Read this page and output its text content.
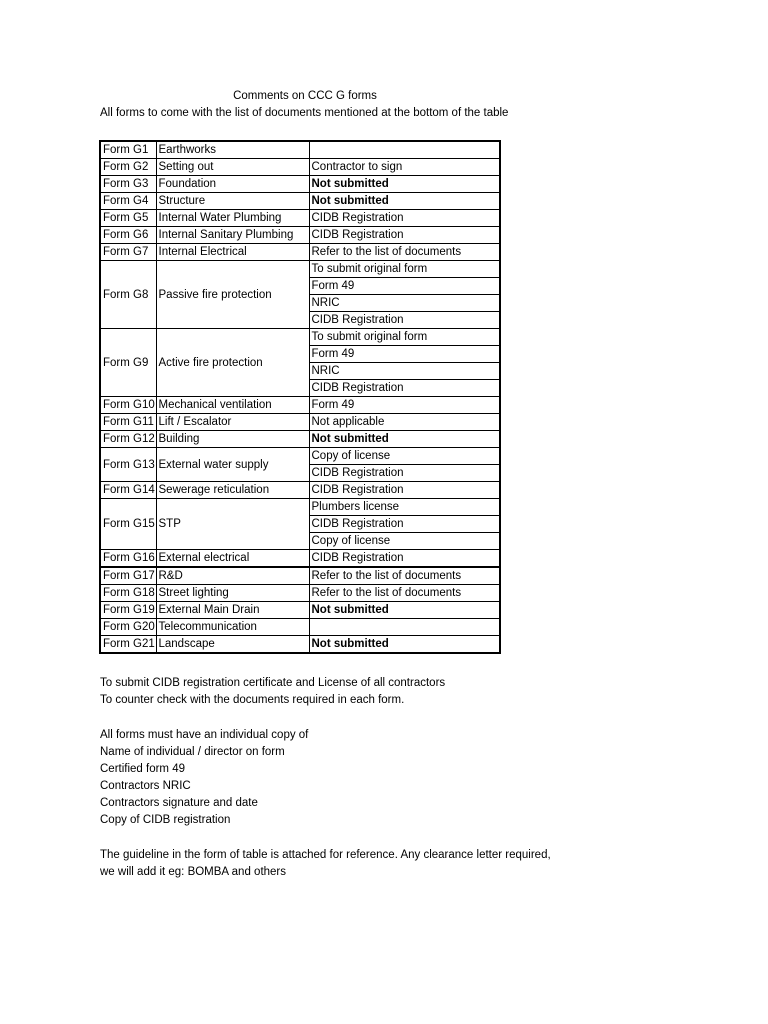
Comments on CCC G forms

All forms to come with the list of documents mentioned at the bottom of the table

Form G1	Earthworks	
Form G2	Setting out	Contractor to sign
Form G3	Foundation	Not submitted
Form G4	Structure	Not submitted
Form G5	Internal Water Plumbing	CIDB Registration
Form G6	Internal Sanitary Plumbing	CIDB Registration
Form G7	Internal Electrical	Refer to the list of documents
Form G8	Passive fire protection	To submit original form
		Form 49
		NRIC
		CIDB Registration
Form G9	Active fire protection	To submit original form
		Form 49
		NRIC
		CIDB Registration
Form G10	Mechanical ventilation	Form 49
Form G11	Lift / Escalator	Not applicable
Form G12	Building	Not submitted
Form G13	External water supply	Copy of license
		CIDB Registration
Form G14	Sewerage reticulation	CIDB Registration
Form G15	STP	Plumbers license
		CIDB Registration
		Copy of license
Form G16	External electrical	CIDB Registration
Form G17	R&D	Refer to the list of documents
Form G18	Street lighting	Refer to the list of documents
Form G19	External Main Drain	Not submitted
Form G20	Telecommunication	
Form G21	Landscape	Not submitted

To submit CIDB registration certificate and License of all contractors

To counter check with the documents required in each form.

All forms must have an individual copy of

Name of individual / director on form

Certified form 49

Contractors NRIC

Contractors signature and date

Copy of CIDB registration

The guideline in the form of table is attached for reference. Any clearance letter required,

we will add it eg: BOMBA and others
